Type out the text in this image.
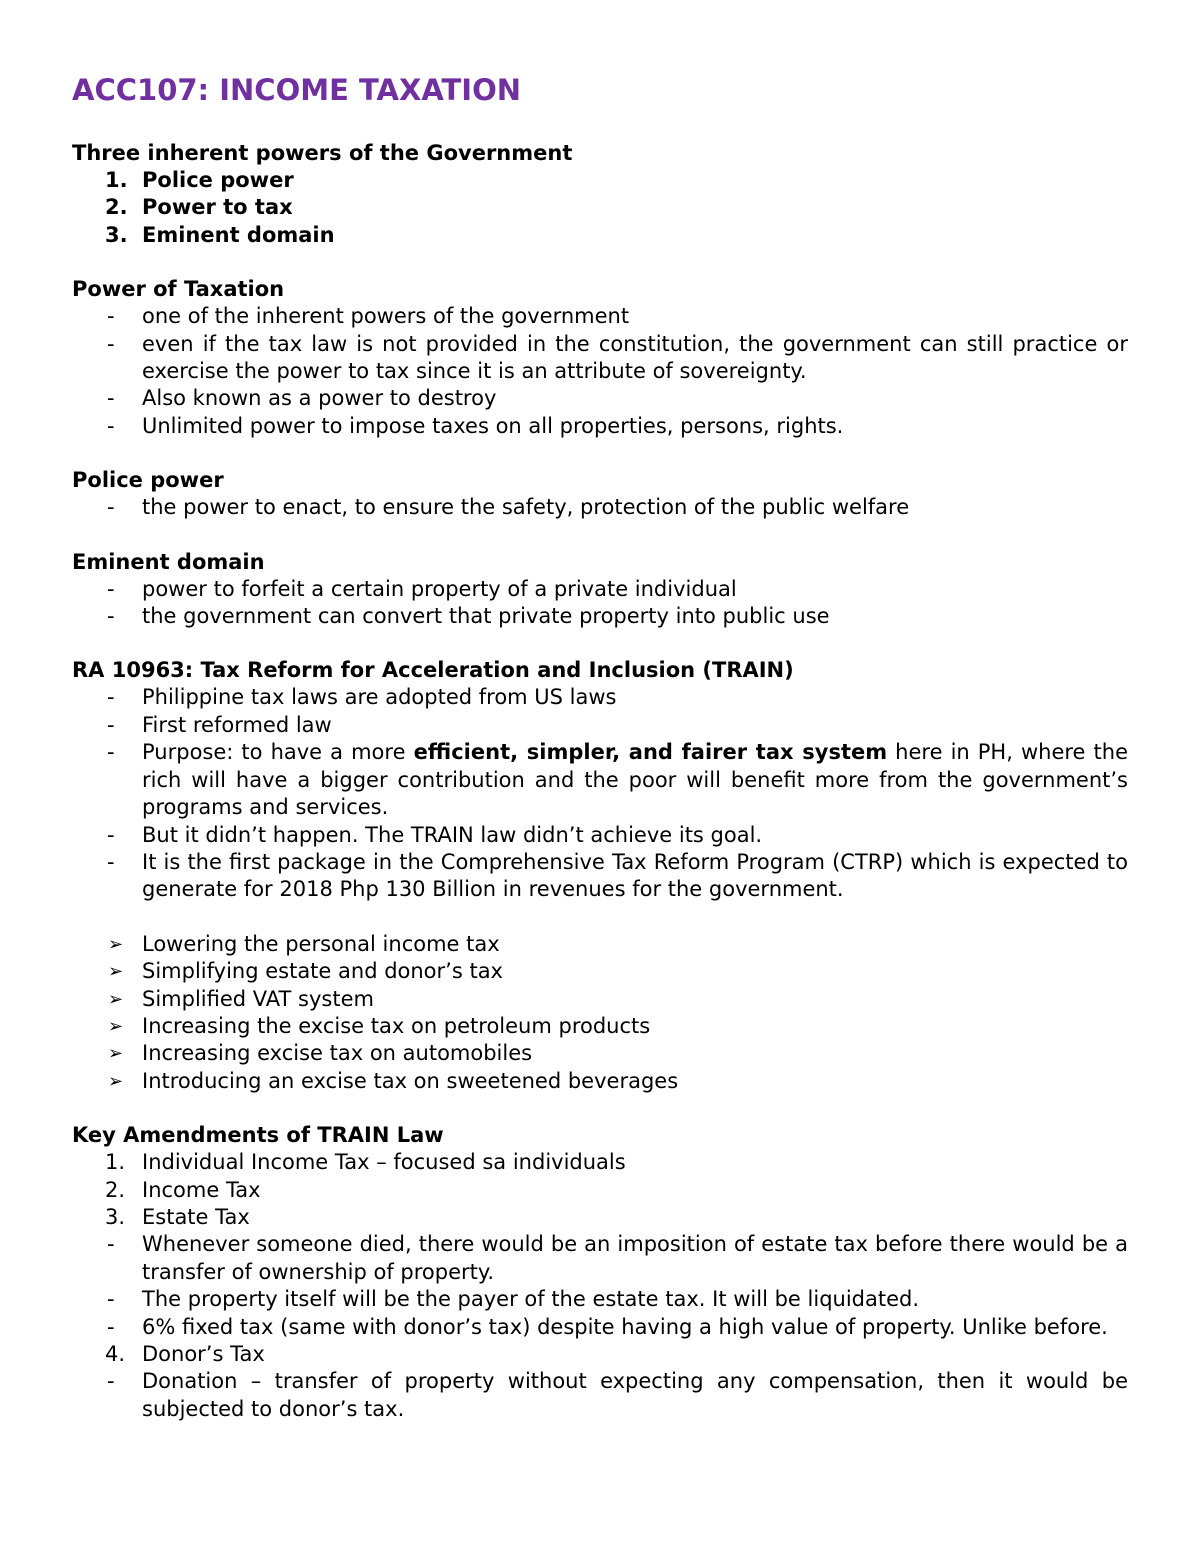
ACC107: INCOME TAXATION

Three inherent powers of the Government

1. Police power
2. Power to tax
3. Eminent domain

Power of Taxation

-	one of the inherent powers of the government
-	even if the tax law is not provided in the constitution, the government can still practice or exercise the power to tax since it is an attribute of sovereignty.
-	Also known as a power to destroy
-	Unlimited power to impose taxes on all properties, persons, rights.

Police power

-	the power to enact, to ensure the safety, protection of the public welfare

Eminent domain

-	power to forfeit a certain property of a private individual
-	the government can convert that private property into public use

RA 10963: Tax Reform for Acceleration and Inclusion (TRAIN)

-	Philippine tax laws are adopted from US laws
-	First reformed law
-	Purpose: to have a more efficient, simpler, and fairer tax system here in PH, where the rich will have a bigger contribution and the poor will benefit more from the government’s programs and services.
-	But it didn’t happen. The TRAIN law didn’t achieve its goal.
-	It is the first package in the Comprehensive Tax Reform Program (CTRP) which is expected to generate for 2018 Php 130 Billion in revenues for the government.
➢ Lowering the personal income tax
➢ Simplifying estate and donor’s tax
➢ Simplified VAT system
➢ Increasing the excise tax on petroleum products
➢ Increasing excise tax on automobiles
➢ Introducing an excise tax on sweetened beverages

Key Amendments of TRAIN Law

1. Individual Income Tax – focused sa individuals
2. Income Tax
3. Estate Tax
-	Whenever someone died, there would be an imposition of estate tax before there would be a transfer of ownership of property.
-	The property itself will be the payer of the estate tax. It will be liquidated.
-	6% fixed tax (same with donor’s tax) despite having a high value of property. Unlike before.
4. Donor’s Tax
-	Donation – transfer of property without expecting any compensation, then it would be subjected to donor’s tax.
